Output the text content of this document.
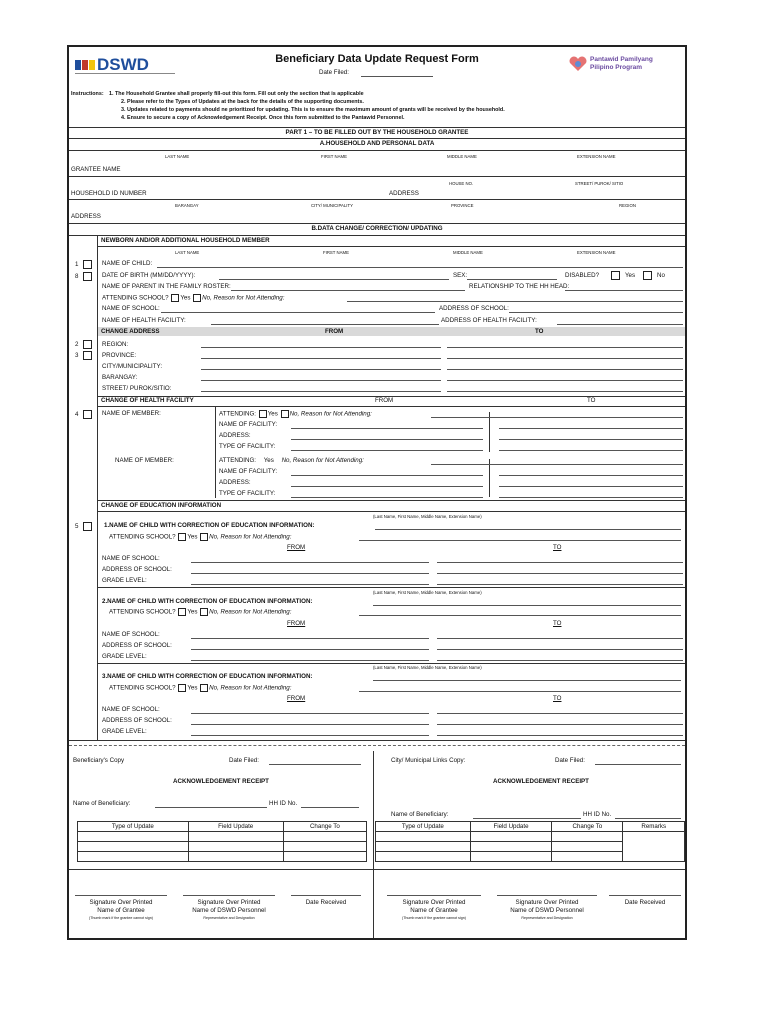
DSWD	Beneficiary Data Update Request Form
Date Filed:
Pantawid Pamilyang
Pilipino Program
Instructions: 1. The Household Grantee shall properly fill-out this form. Fill out only the section that is applicable
2. Please refer to the Types of Updates at the back for the details of the supporting documents.
3. Updates related to payments should ne prioritized for updating. This is to ensure the maximum amount of grants will be received by the household.
4. Ensure to secure a copy of Acknowledgement Receipt. Once this form submitted to the Pantawid Personnel.
PART 1 – TO BE FILLED OUT BY THE HOUSEHOLD GRANTEE
A.HOUSEHOLD AND PERSONAL DATA
LAST NAME	FIRST NAME	MIDDLE NAME	EXTENSION NAME
GRANTEE NAME
HOUSE NO.	STREET/ PUROK/ SITIO
HOUSEHOLD ID NUMBER	ADDRESS
BARANGAY	CITY/ MUNICIPALITY	PROVINCE	REGION
ADDRESS
B.DATA CHANGE/ CORRECTION/ UPDATING
NEWBORN AND/OR ADDITIONAL HOUSEHOLD MEMBER
LAST NAME	FIRST NAME	MIDDLE NAME	EXTENSION NAME
1
8
NAME OF CHILD:
DATE OF BIRTH (MM/DD/YYYY):	SEX:	DISABLED?	Yes	No
NAME OF PARENT IN THE FAMILY ROSTER:	RELATIONSHIP TO THE HH HEAD:
ATTENDING SCHOOL? Yes No, Reason for Not Attending:
NAME OF SCHOOL:	ADDRESS OF SCHOOL:
NAME OF HEALTH FACILITY:	ADDRESS OF HEALTH FACILITY:
CHANGE ADDRESS	FROM	TO
2
3
REGION:
PROVINCE:
CITY/MUNICIPALITY:
BARANGAY:
STREET/ PUROK/SITIO:
CHANGE OF HEALTH FACILITY	FROM	TO
4	NAME OF MEMBER:	ATTENDING: Yes No, Reason for Not Attending:
NAME OF FACILITY:
ADDRESS:
TYPE OF FACILITY:
NAME OF MEMBER:	ATTENDING: Yes No, Reason for Not Attending:
NAME OF FACILITY:
ADDRESS:
TYPE OF FACILITY:
CHANGE OF EDUCATION INFORMATION
5
(Last Name, First Name, Middle Name, Extension Name)
1.NAME OF CHILD WITH CORRECTION OF EDUCATION INFORMATION:
ATTENDING SCHOOL? Yes No, Reason for Not Attending:
FROM	TO
NAME OF SCHOOL:
ADDRESS OF SCHOOL:
GRADE LEVEL:
(Last Name, First Name, Middle Name, Extension Name)
2.NAME OF CHILD WITH CORRECTION OF EDUCATION INFORMATION:
ATTENDING SCHOOL? Yes No, Reason for Not Attending:
FROM	TO
NAME OF SCHOOL:
ADDRESS OF SCHOOL:
GRADE LEVEL:
(Last Name, First Name, Middle Name, Extension Name)
3.NAME OF CHILD WITH CORRECTION OF EDUCATION INFORMATION:
ATTENDING SCHOOL? Yes No, Reason for Not Attending:
FROM	TO
NAME OF SCHOOL:
ADDRESS OF SCHOOL:
GRADE LEVEL:
Beneficiary's Copy	Date Filed:
ACKNOWLEDGEMENT RECEIPT
Name of Beneficiary:	HH ID No.
Type of Update	Field Update	Change To

Signature Over Printed
Name of Grantee
(Thumb mark if the grantee cannot sign)
Signature Over Printed
Name of DSWD Personnel
Representative and Designation
Date Received
City/ Municipal Links Copy:	Date Filed:
ACKNOWLEDGEMENT RECEIPT
Name of Beneficiary:	HH ID No.
Type of Update	Field Update	Change To	Remarks

Signature Over Printed
Name of Grantee
(Thumb mark if the grantee cannot sign)
Signature Over Printed
Name of DSWD Personnel
Representative and Designation
Date Received
